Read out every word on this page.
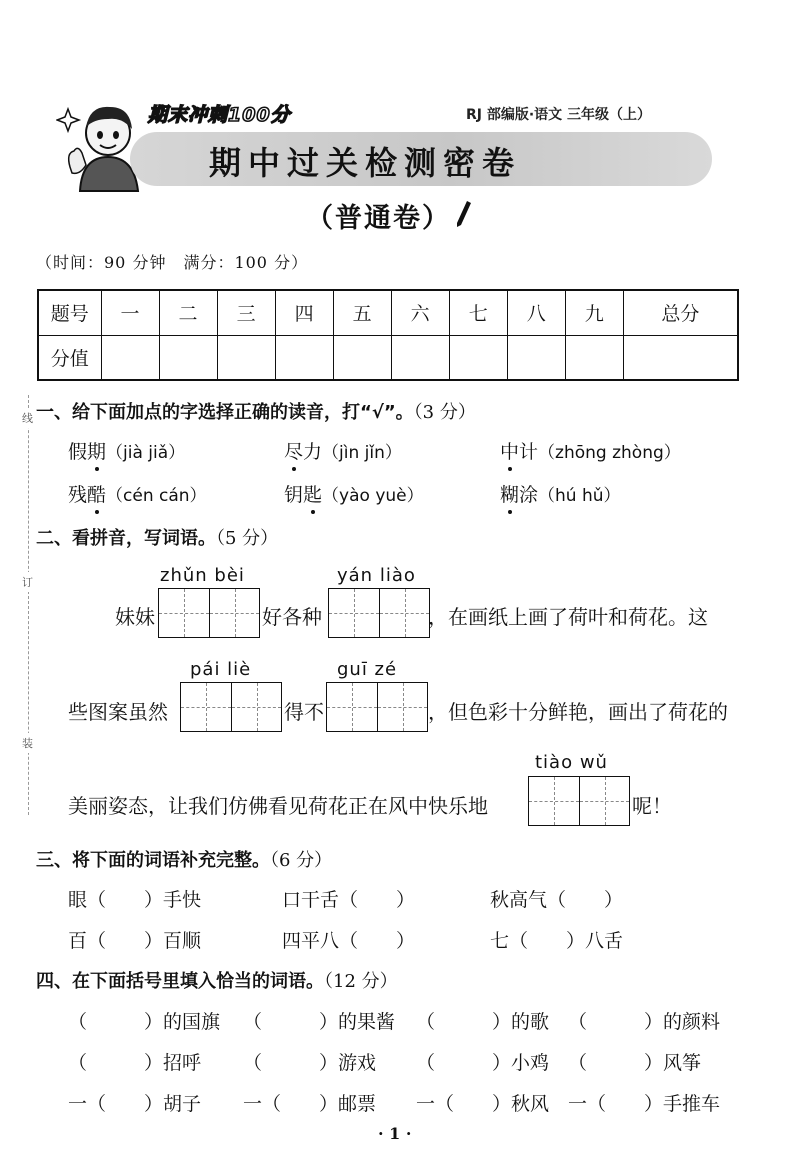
期末冲刺100分	RJ 部编版·语文 三年级（上）
期中过关检测密卷
（普通卷）
（时间：90 分钟　满分：100 分）
题号	一	二	三	四	五	六	七	八	九	总分
分值										
线
订
装
一、给下面加点的字选择正确的读音，打“√”。（3 分）
假期（jià jiǎ）	尽力（jìn jǐn）	中计（zhōng zhòng）
残酷（cén cán）	钥匙（yào yuè）	糊涂（hú hǔ）
二、看拼音，写词语。（5 分）
zhǔn bèi	yán liào
妹妹	好各种	，在画纸上画了荷叶和荷花。这
pái liè	guī zé
些图案虽然	得不	，但色彩十分鲜艳，画出了荷花的
tiào wǔ
美丽姿态，让我们仿佛看见荷花正在风中快乐地	呢！
三、将下面的词语补充完整。（6 分）
眼（　　）手快	口干舌（　　）	秋高气（　　）
百（　　）百顺	四平八（　　）	七（　　）八舌
四、在下面括号里填入恰当的词语。（12 分）
（　　　）的国旗 （　　　）的果酱 （　　　）的歌 （　　　）的颜料
（　　　）招呼 （　　　）游戏 （　　　）小鸡 （　　　）风筝
一（　　）胡子 一（　　）邮票 一（　　）秋风 一（　　）手推车
· 1 ·
